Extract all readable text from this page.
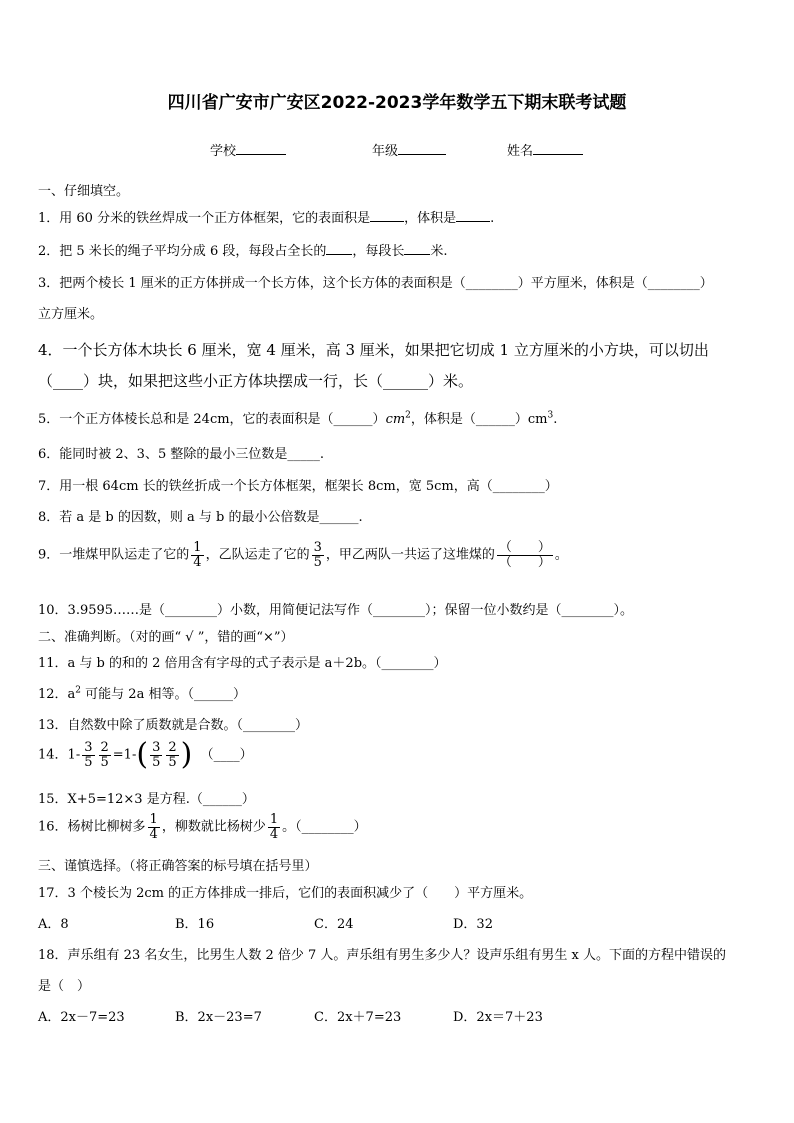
四川省广安市广安区2022-2023学年数学五下期末联考试题
学校	年级	姓名
一、仔细填空。
1．用 60 分米的铁丝焊成一个正方体框架，它的表面积是	，体积是	.
2．把 5 米长的绳子平均分成 6 段，每段占全长的 ，每段长 米.
3．把两个棱长 1 厘米的正方体拼成一个长方体，这个长方体的表面积是（________）平方厘米，体积是（________）
立方厘米。
4．一个长方体木块长 6 厘米，宽 4 厘米，高 3 厘米，如果把它切成 1 立方厘米的小方块，可以切出
（____）块，如果把这些小正方体块摆成一行，长（______）米。
5．一个正方体棱长总和是 24cm，它的表面积是$(\_\_\_\_\_\_)cm^2$，体积是$(\_\_\_\_\_\_)cm^3$.
6．能同时被 2、3、5 整除的最小三位数是_____.
7．用一根 64cm 长的铁丝折成一个长方体框架，框架长 8cm，宽 5cm，高（________）
8．若 a 是 b 的因数，则 a 与 b 的最小公倍数是______.
9．一堆煤甲队运走了它的 $\frac{1}{4}$ ，乙队运走了它的 $\frac{3}{5}$ ，甲乙两队一共运了这堆煤的 $\frac{( )}{( )}$ 。
10．3.9595……是（________）小数，用简便记法写作（________）；保留一位小数约是（________）。
二、准确判断。（对的画“ √ ”，错的画“×”）
11．a 与 b 的和的 2 倍用含有字母的式子表示是 a＋2b。（________）
12．$a^2$ 可能与 2a 相等。（______）
13．自然数中除了质数就是合数。（________）
14．$1- \frac{3}{5} \frac{2}{5} =1-( \frac{3}{5} \frac{2}{5}$ ) （____）
15．X+5=12×3 是方程.（______）
16．杨树比柳树多 $\frac{1}{4}$ ，柳数就比杨树少 $\frac{1}{4}$ 。（________）
三、谨慎选择。（将正确答案的标号填在括号里）
17．3 个棱长为 2cm 的正方体排成一排后，它们的表面积减少了（　　）平方厘米。
A．8	B．16	C．24	D．32
18．声乐组有 23 名女生，比男生人数 2 倍少 7 人。声乐组有男生多少人？设声乐组有男生 x 人。下面的方程中错误的
是（　）
A．2x－7=23	B．2x－23=7	C．2x＋7=23	D．2x＝7＋23
